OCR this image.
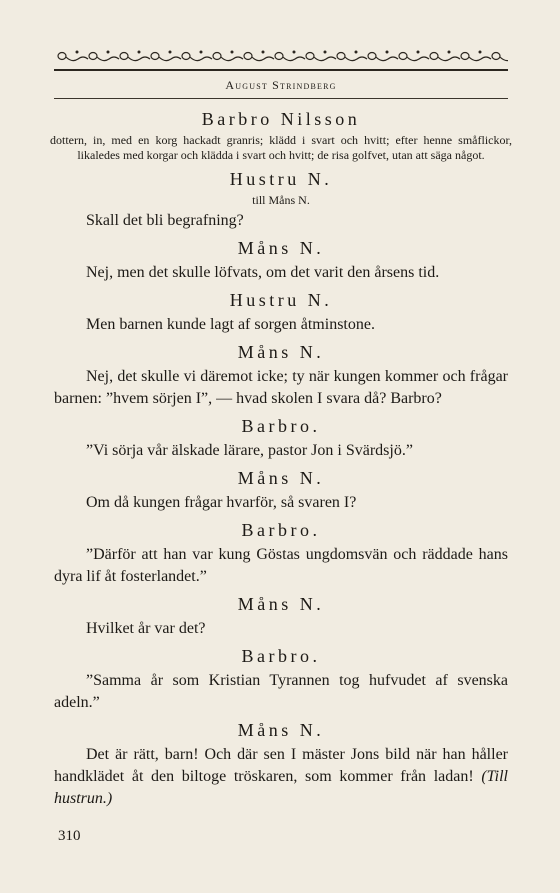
August Strindberg
Barbro Nilsson
dottern, in, med en korg hackadt granris; klädd i svart och hvitt; efter henne småflickor, likaledes med korgar och klädda i svart och hvitt; de risa golfvet, utan att säga något.
Hustru N.
till Måns N.
Skall det bli begrafning?
Måns N.
Nej, men det skulle löfvats, om det varit den årsens tid.
Hustru N.
Men barnen kunde lagt af sorgen åtminstone.
Måns N.
Nej, det skulle vi däremot icke; ty när kungen kommer och frågar barnen: ”hvem sörjen I”, — hvad skolen I svara då? Barbro?
Barbro.
”Vi sörja vår älskade lärare, pastor Jon i Svärdsjö.”
Måns N.
Om då kungen frågar hvarför, så svaren I?
Barbro.
”Därför att han var kung Göstas ungdomsvän och räddade hans dyra lif åt fosterlandet.”
Måns N.
Hvilket år var det?
Barbro.
”Samma år som Kristian Tyrannen tog hufvudet af svenska adeln.”
Måns N.
Det är rätt, barn! Och där sen I mäster Jons bild när han håller handklädet åt den biltoge tröskaren, som kommer från ladan! (Till hustrun.)
310
